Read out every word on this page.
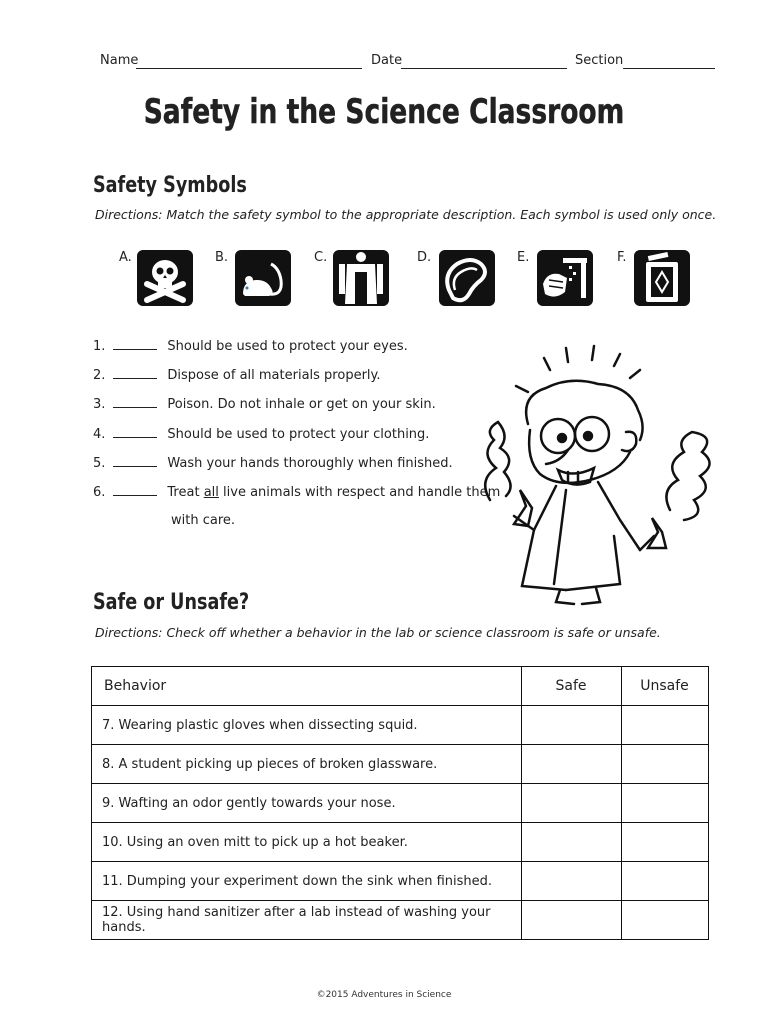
Name	Date	Section
Safety in the Science Classroom
Safety Symbols
Directions: Match the safety symbol to the appropriate description. Each symbol is used only once.
A.	B.	C.	D.	E.	F.
1.	Should be used to protect your eyes.
2.	Dispose of all materials properly.
3.	Poison. Do not inhale or get on your skin.
4.	Should be used to protect your clothing.
5.	Wash your hands thoroughly when finished.
6.	Treat all live animals with respect and handle them
with care.
Safe or Unsafe?
Directions: Check off whether a behavior in the lab or science classroom is safe or unsafe.
Behavior	Safe	Unsafe
7. Wearing plastic gloves when dissecting squid.		
8. A student picking up pieces of broken glassware.		
9. Wafting an odor gently towards your nose.		
10. Using an oven mitt to pick up a hot beaker.		
11. Dumping your experiment down the sink when finished.		
12. Using hand sanitizer after a lab instead of washing your hands.		
©2015 Adventures in Science
